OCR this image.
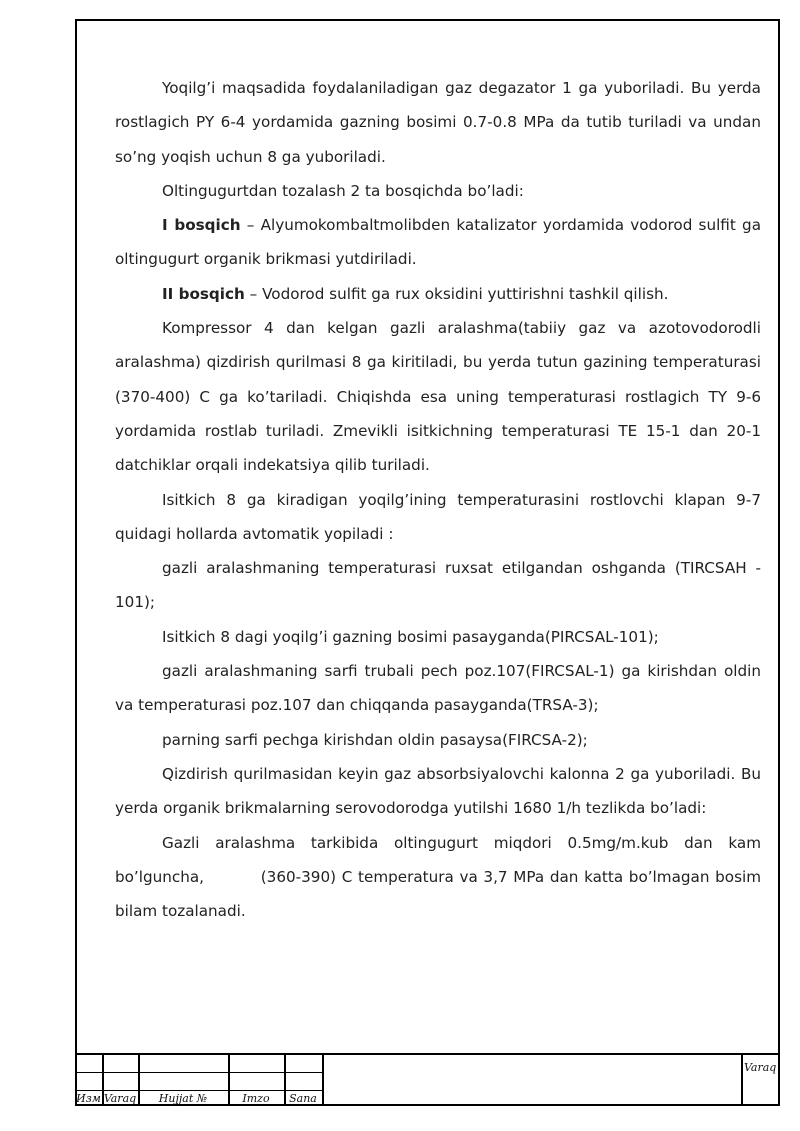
Yoqilg’i maqsadida foydalaniladigan gaz degazator 1 ga yuboriladi. Bu yerda rostlagich PY 6-4 yordamida gazning bosimi 0.7-0.8 MPa da tutib turiladi va undan so’ng yoqish uchun 8 ga yuboriladi.

Oltingugurtdan tozalash 2 ta bosqichda bo’ladi:

I bosqich – Alyumokombaltmolibden katalizator yordamida vodorod sulfit ga oltingugurt organik brikmasi yutdiriladi.

II bosqich – Vodorod sulfit ga rux oksidini yuttirishni tashkil qilish.

Kompressor 4 dan kelgan gazli aralashma(tabiiy gaz va azotovodorodli aralashma) qizdirish qurilmasi 8 ga kiritiladi, bu yerda tutun gazining temperaturasi (370-400) C ga ko’tariladi. Chiqishda esa uning temperaturasi rostlagich TY 9-6 yordamida rostlab turiladi. Zmevikli isitkichning temperaturasi TE 15-1 dan 20-1 datchiklar orqali indekatsiya qilib turiladi.

Isitkich 8 ga kiradigan yoqilg’ining temperaturasini rostlovchi klapan 9-7 quidagi hollarda avtomatik yopiladi :

gazli aralashmaning temperaturasi ruxsat etilgandan oshganda (TIRCSAH - 101);

Isitkich 8 dagi yoqilg’i gazning bosimi pasayganda(PIRCSAL-101);

gazli aralashmaning sarfi trubali pech poz.107(FIRCSAL-1) ga kirishdan oldin va temperaturasi poz.107 dan chiqqanda pasayganda(TRSA-3);

parning sarfi pechga kirishdan oldin pasaysa(FIRCSA-2);

Qizdirish qurilmasidan keyin gaz absorbsiyalovchi kalonna 2 ga yuboriladi. Bu yerda organik brikmalarning serovodorodga yutilshi 1680 1/h tezlikda bo’ladi:

Gazli aralashma tarkibida oltingugurt miqdori 0.5mg/m.kub dan kam bo’lguncha,          (360-390) C temperatura va 3,7 MPa dan katta bo’lmagan bosim bilam tozalanadi.

Изм Varaq	Hujjat №	Imzo	Sana
Varaq
